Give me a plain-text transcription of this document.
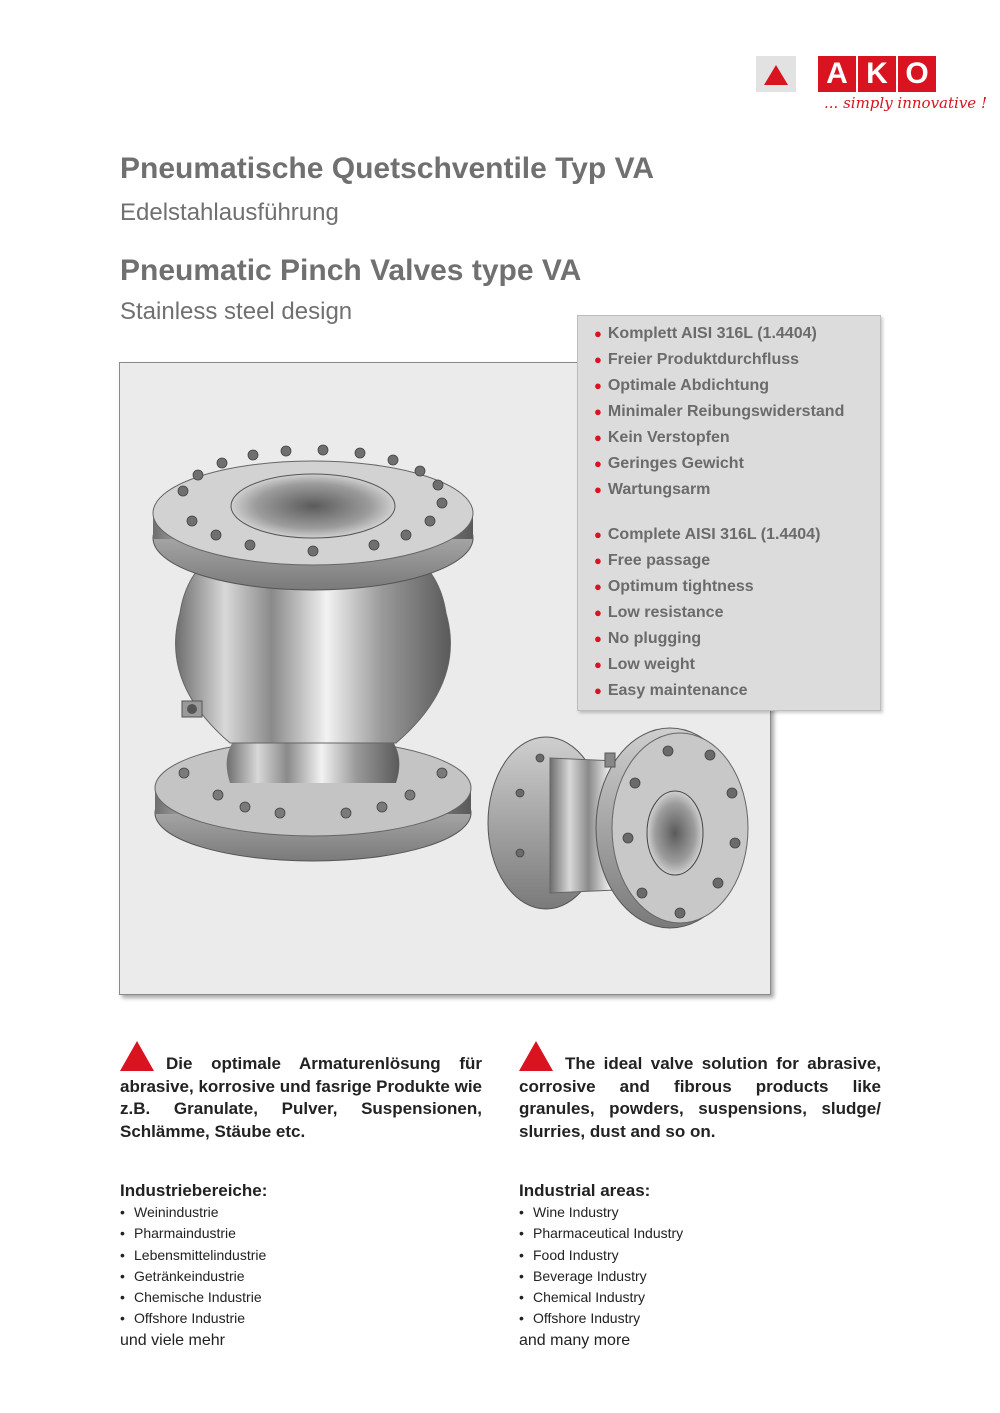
A K O
... simply innovative !
Pneumatische Quetschventile Typ VA

Edelstahlausführung

Pneumatic Pinch Valves type VA

Stainless steel design

● Komplett AISI 316L (1.4404)
● Freier Produktdurchfluss
● Optimale Abdichtung
● Minimaler Reibungswiderstand
● Kein Verstopfen
● Geringes Gewicht
● Wartungsarm
● Complete AISI 316L (1.4404)
● Free passage
● Optimum tightness
● Low resistance
● No plugging
● Low weight
● Easy maintenance
Die optimale Armaturenlösung für abrasive, korrosive und fasrige Produkte wie z.B. Granulate, Pulver, Suspensionen, Schlämme, Stäube etc.
The ideal valve solution for abrasive, corrosive and fibrous products like granules, powders, suspensions, sludge/ slurries, dust and so on.
Industriebereiche:
• Weinindustrie
• Pharmaindustrie
• Lebensmittelindustrie
• Getränkeindustrie
• Chemische Industrie
• Offshore Industrie
und viele mehr
Industrial areas:
• Wine Industry
• Pharmaceutical Industry
• Food Industry
• Beverage Industry
• Chemical Industry
• Offshore Industry
and many more
